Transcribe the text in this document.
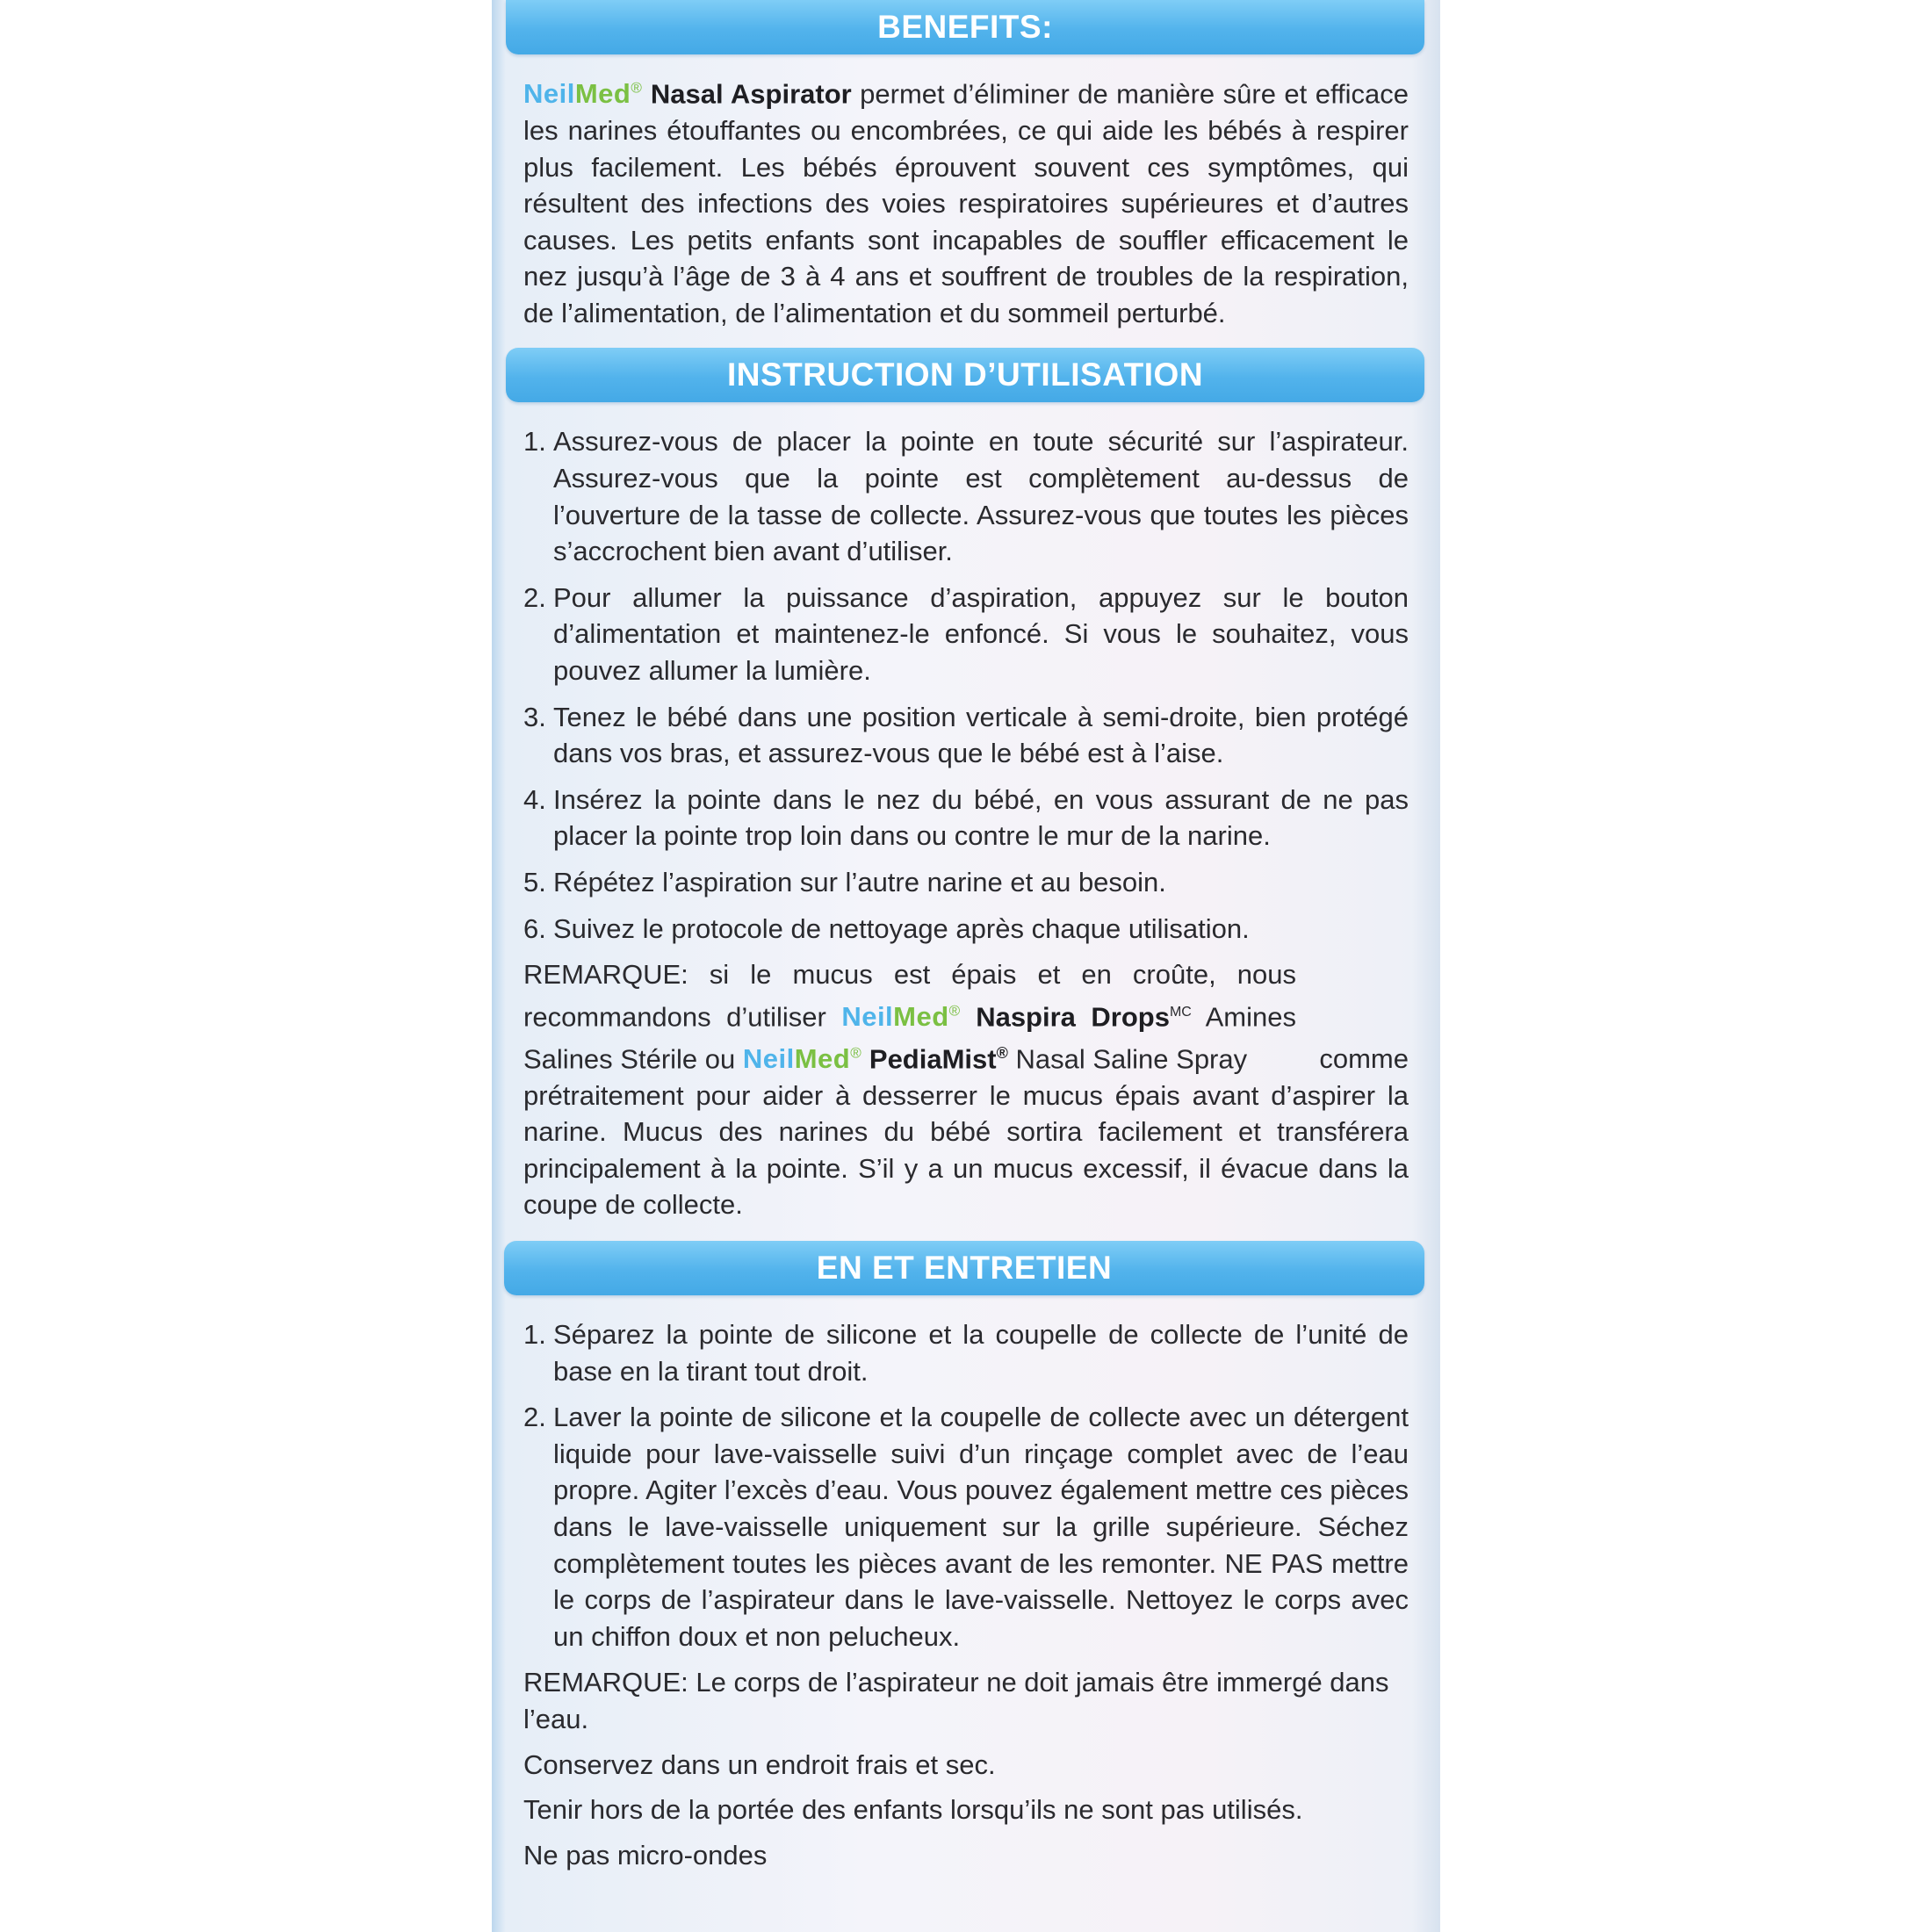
BENEFITS:

NeilMed® Nasal Aspirator permet d’éliminer de manière sûre et efficace les narines étouffantes ou encombrées, ce qui aide les bébés à respirer plus facilement. Les bébés éprouvent souvent ces symptômes, qui résultent des infections des voies respiratoires supérieures et d’autres causes. Les petits enfants sont incapables de souffler efficacement le nez jusqu’à l’âge de 3 à 4 ans et souffrent de troubles de la respiration, de l’alimentation, de l’alimentation et du sommeil perturbé.

INSTRUCTION D’UTILISATION
1. Assurez-vous de placer la pointe en toute sécurité sur l’aspirateur. Assurez-vous que la pointe est complètement au-dessus de l’ouverture de la tasse de collecte. Assurez-vous que toutes les pièces s’accrochent bien avant d’utiliser.
2. Pour allumer la puissance d’aspiration, appuyez sur le bouton d’alimentation et maintenez-le enfoncé. Si vous le souhaitez, vous pouvez allumer la lumière.
3. Tenez le bébé dans une position verticale à semi-droite, bien protégé dans vos bras, et assurez-vous que le bébé est à l’aise.
4. Insérez la pointe dans le nez du bébé, en vous assurant de ne pas placer la pointe trop loin dans ou contre le mur de la narine.
5. Répétez l’aspiration sur l’autre narine et au besoin.
6. Suivez le protocole de nettoyage après chaque utilisation.

REMARQUE: si le mucus est épais et en croûte, nous recommandons d’utiliser NeilMed® Naspira Drops$^{MC}$ Amines Salines Stérile ou NeilMed® PediaMist® Nasal Saline Spray comme prétraitement pour aider à desserrer le mucus épais avant d’aspirer la narine. Mucus des narines du bébé sortira facilement et transférera principalement à la pointe. S’il y a un mucus excessif, il évacue dans la coupe de collecte.

EN ET ENTRETIEN
1. Séparez la pointe de silicone et la coupelle de collecte de l’unité de base en la tirant tout droit.
2. Laver la pointe de silicone et la coupelle de collecte avec un détergent liquide pour lave-vaisselle suivi d’un rinçage complet avec de l’eau propre. Agiter l’excès d’eau. Vous pouvez également mettre ces pièces dans le lave-vaisselle uniquement sur la grille supérieure. Séchez complètement toutes les pièces avant de les remonter. NE PAS mettre le corps de l’aspirateur dans le lave-vaisselle. Nettoyez le corps avec un chiffon doux et non pelucheux.

REMARQUE: Le corps de l’aspirateur ne doit jamais être immergé dans l’eau.

Conservez dans un endroit frais et sec.

Tenir hors de la portée des enfants lorsqu’ils ne sont pas utilisés.

Ne pas micro-ondes
